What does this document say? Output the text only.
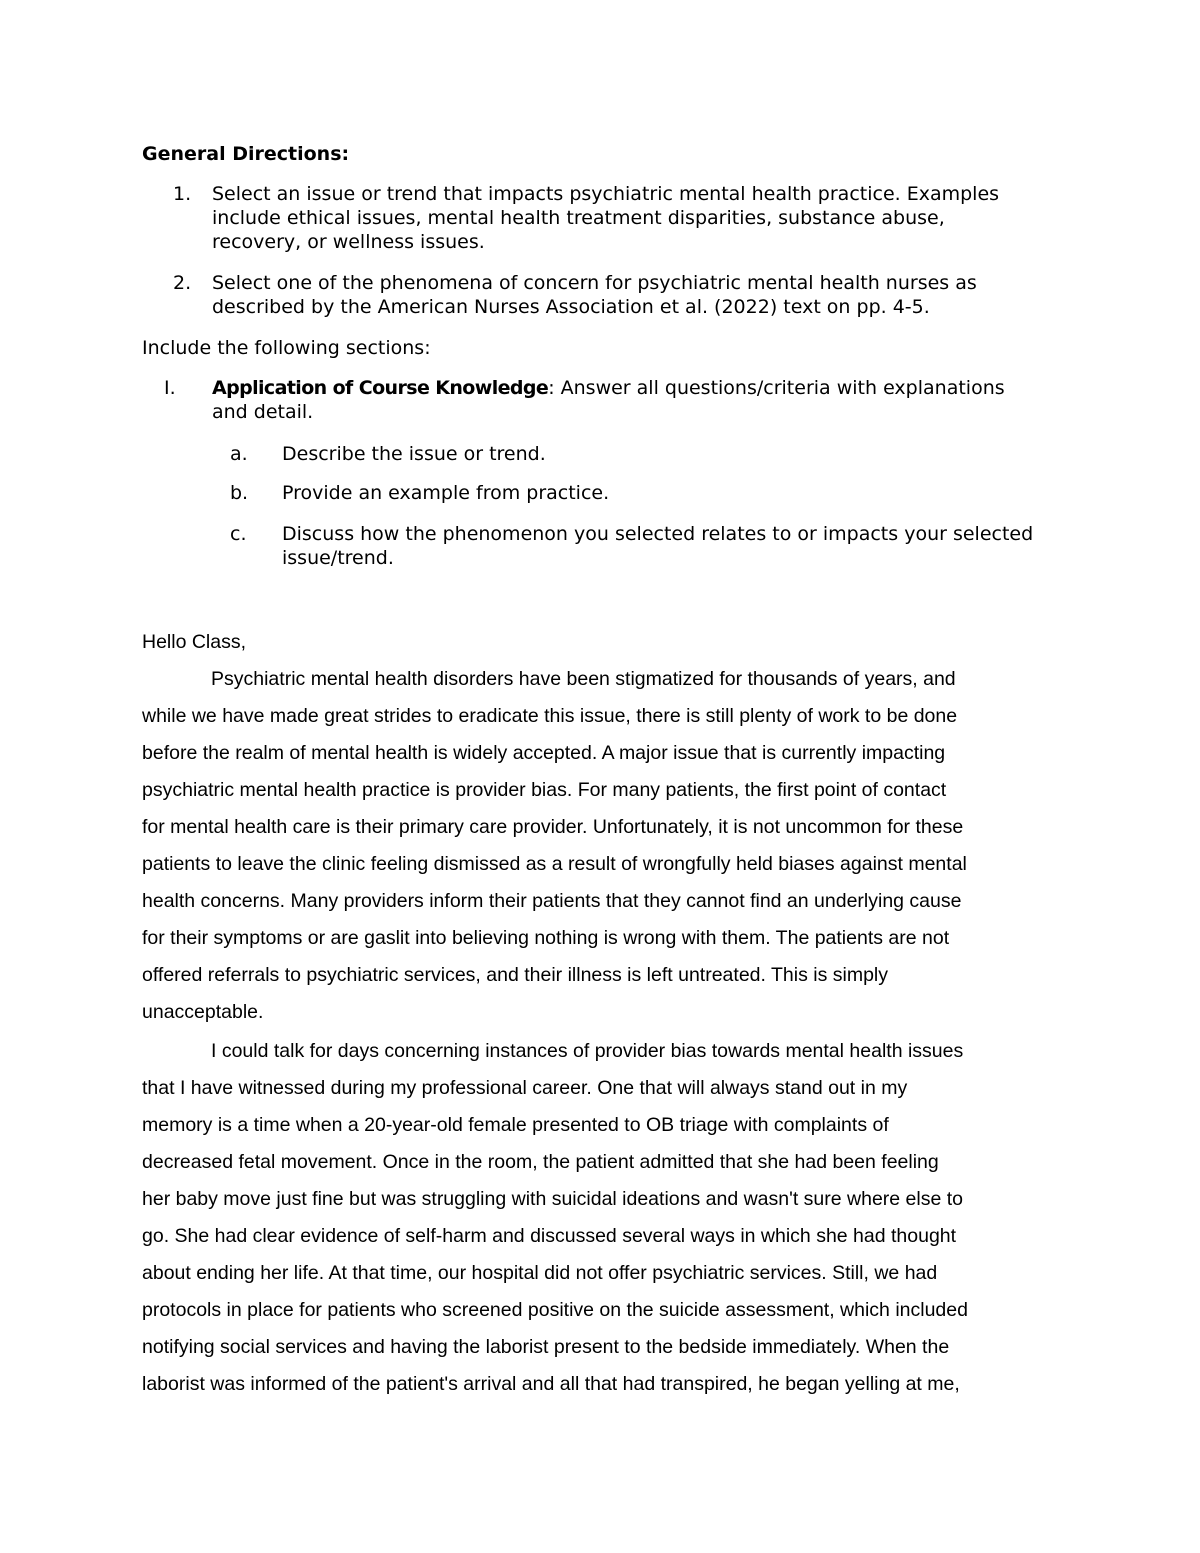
General Directions:
1. Select an issue or trend that impacts psychiatric mental health practice. Examples
include ethical issues, mental health treatment disparities, substance abuse,
recovery, or wellness issues.
2. Select one of the phenomena of concern for psychiatric mental health nurses as
described by the American Nurses Association et al. (2022) text on pp. 4-5.
Include the following sections:
I. Application of Course Knowledge: Answer all questions/criteria with explanations
and detail.
a. Describe the issue or trend.
b. Provide an example from practice.
c. Discuss how the phenomenon you selected relates to or impacts your selected
issue/trend.
Hello Class,
Psychiatric mental health disorders have been stigmatized for thousands of years, and
while we have made great strides to eradicate this issue, there is still plenty of work to be done
before the realm of mental health is widely accepted. A major issue that is currently impacting
psychiatric mental health practice is provider bias. For many patients, the first point of contact
for mental health care is their primary care provider. Unfortunately, it is not uncommon for these
patients to leave the clinic feeling dismissed as a result of wrongfully held biases against mental
health concerns. Many providers inform their patients that they cannot find an underlying cause
for their symptoms or are gaslit into believing nothing is wrong with them. The patients are not
offered referrals to psychiatric services, and their illness is left untreated. This is simply
unacceptable.
I could talk for days concerning instances of provider bias towards mental health issues
that I have witnessed during my professional career. One that will always stand out in my
memory is a time when a 20-year-old female presented to OB triage with complaints of
decreased fetal movement. Once in the room, the patient admitted that she had been feeling
her baby move just fine but was struggling with suicidal ideations and wasn't sure where else to
go. She had clear evidence of self-harm and discussed several ways in which she had thought
about ending her life. At that time, our hospital did not offer psychiatric services. Still, we had
protocols in place for patients who screened positive on the suicide assessment, which included
notifying social services and having the laborist present to the bedside immediately. When the
laborist was informed of the patient's arrival and all that had transpired, he began yelling at me,
